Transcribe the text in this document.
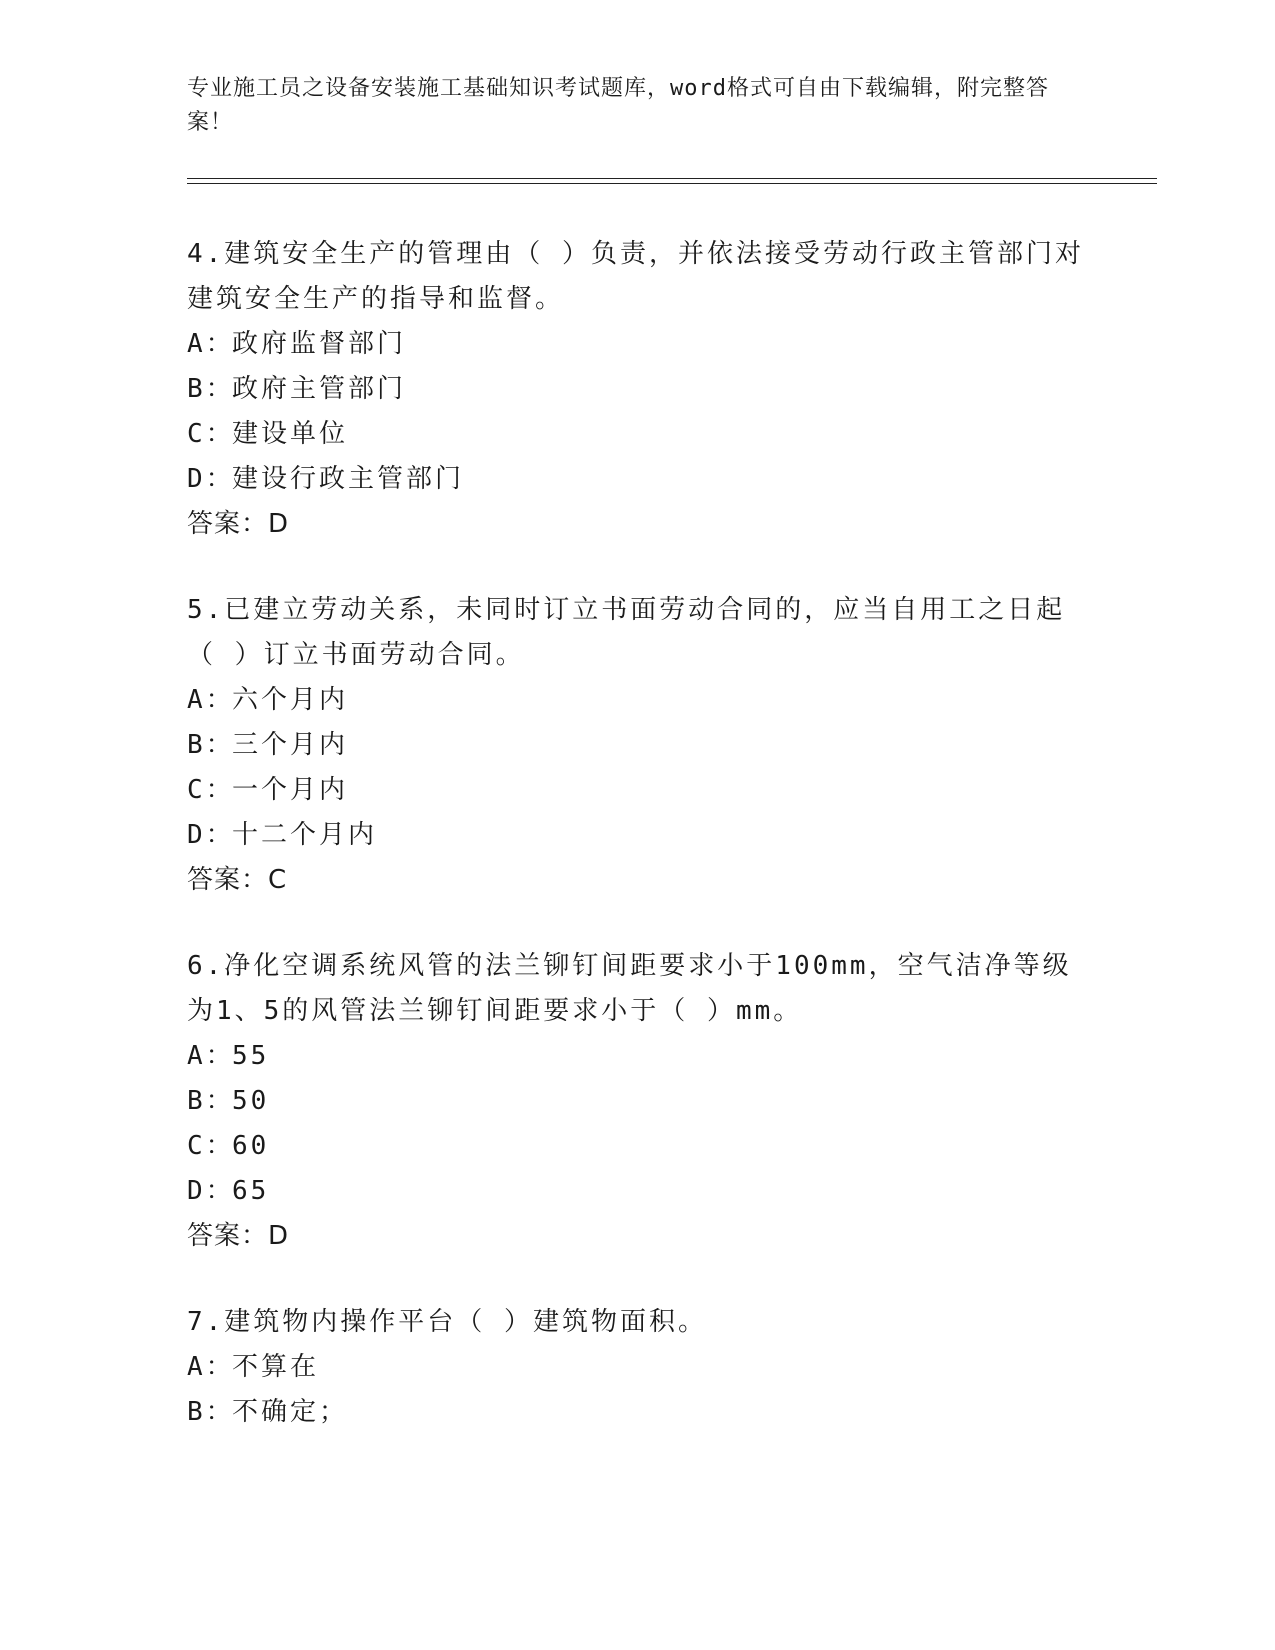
专业施工员之设备安装施工基础知识考试题库，word格式可自由下载编辑，附完整答案！
4.建筑安全生产的管理由（ ）负责，并依法接受劳动行政主管部门对建筑安全生产的指导和监督。
A：政府监督部门
B：政府主管部门
C：建设单位
D：建设行政主管部门
答案：D
5.已建立劳动关系，未同时订立书面劳动合同的，应当自用工之日起（ ）订立书面劳动合同。
A：六个月内
B：三个月内
C：一个月内
D：十二个月内
答案：C
6.净化空调系统风管的法兰铆钉间距要求小于100mm，空气洁净等级为1、5的风管法兰铆钉间距要求小于（ ）mm。
A：55
B：50
C：60
D：65
答案：D
7.建筑物内操作平台（ ）建筑物面积。
A：不算在
B：不确定；
